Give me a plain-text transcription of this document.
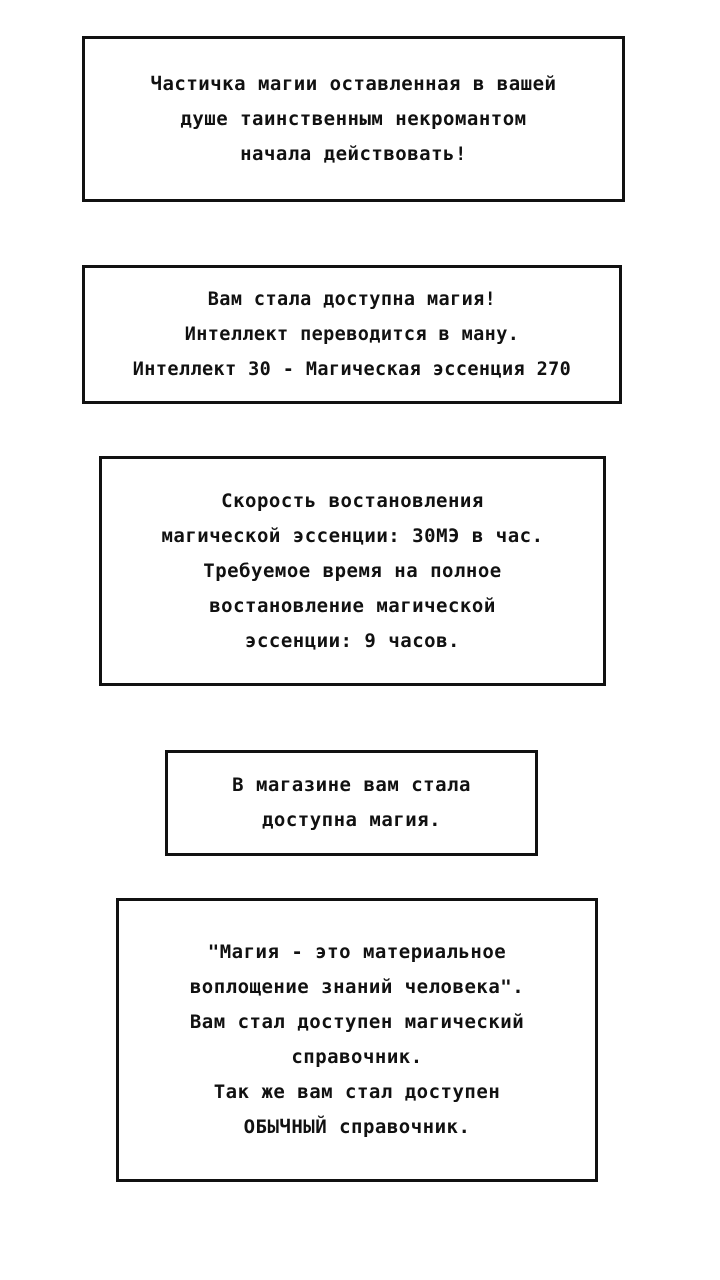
Частичка магии оставленная в вашей
душе таинственным некромантом
начала действовать!
Вам стала доступна магия!
Интеллект переводится в ману.
Интеллект 30 - Магическая эссенция 270
Скорость востановления
магической эссенции: 30МЭ в час.
Требуемое время на полное
востановление магической
эссенции: 9 часов.
В магазине вам стала
доступна магия.
"Магия - это материальное
воплощение знаний человека".
Вам стал доступен магический
справочник.
Так же вам стал доступен
ОБЫЧНЫЙ справочник.
